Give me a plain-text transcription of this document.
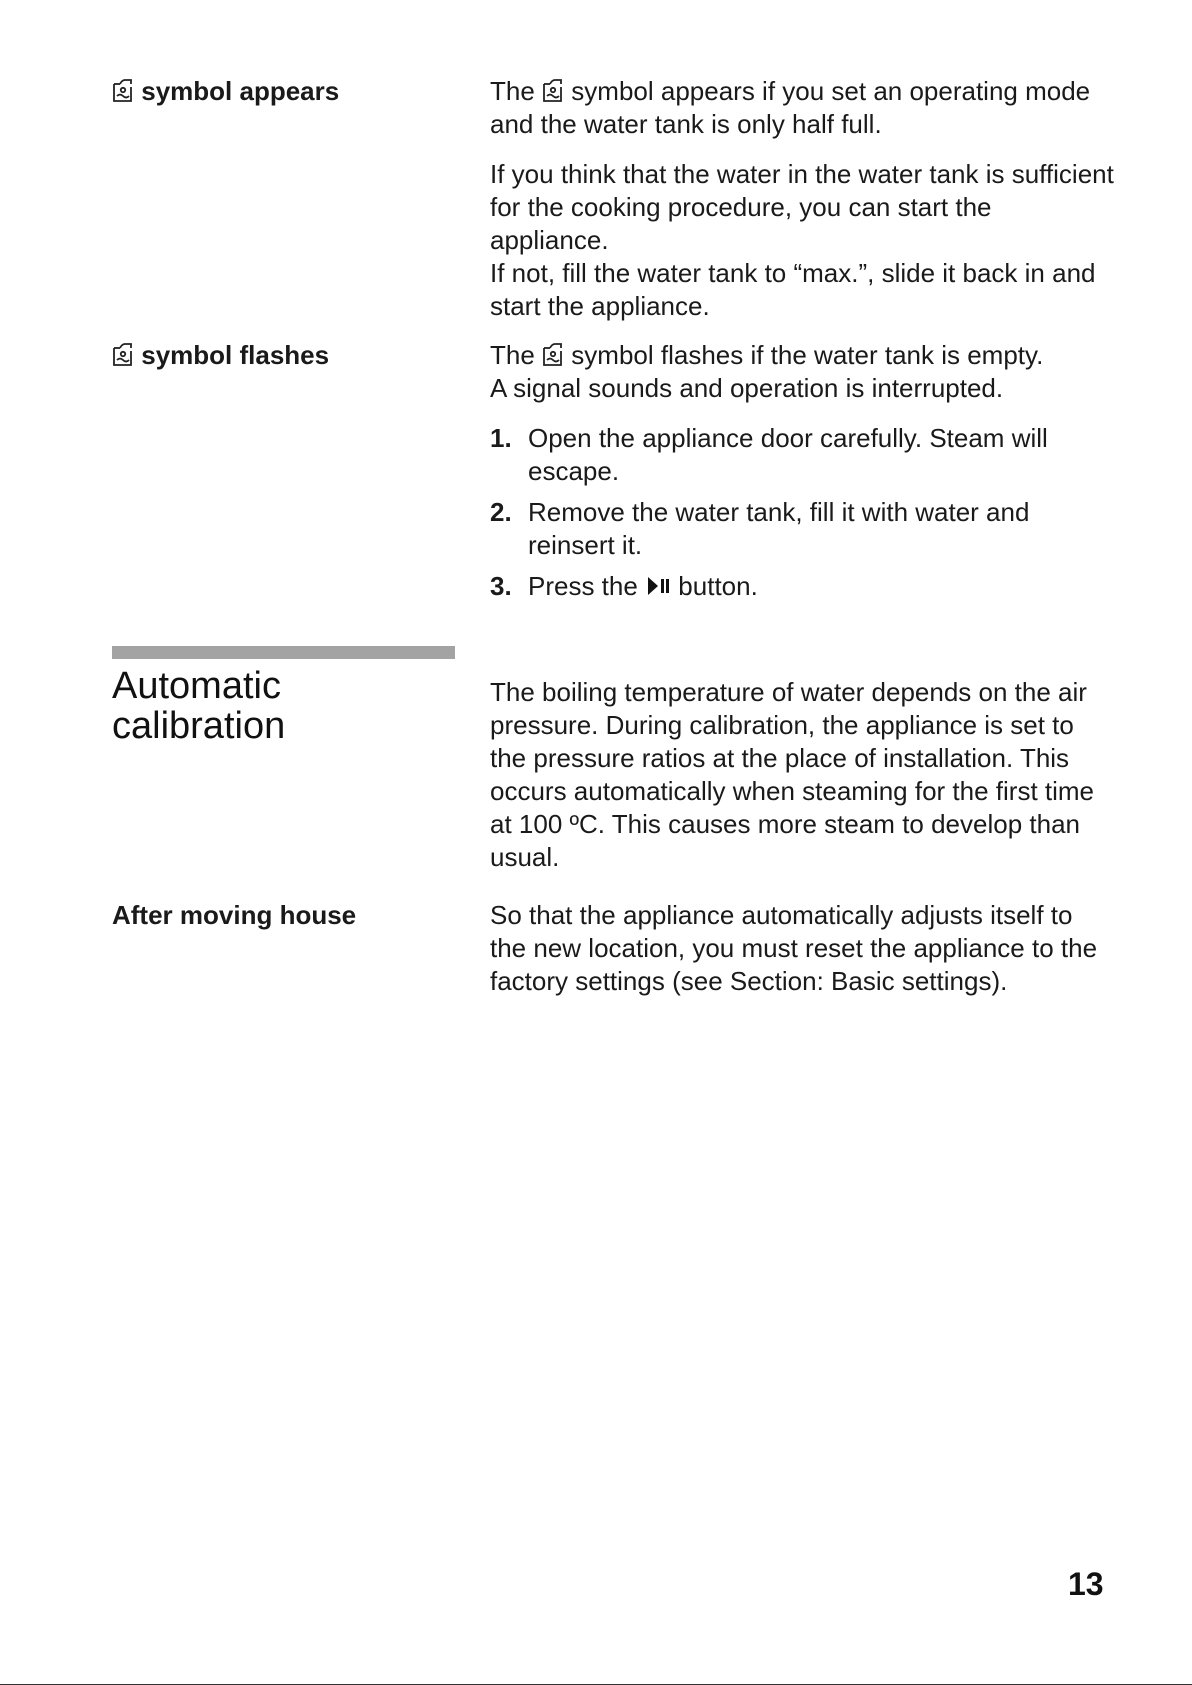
symbol appears	The symbol appears if you set an operating mode and the water tank is only half full.

If you think that the water in the water tank is sufficient for the cooking procedure, you can start the appliance.

If not, fill the water tank to “max.”, slide it back in and start the appliance.

symbol flashes	The symbol flashes if the water tank is empty.

A signal sounds and operation is interrupted.

1. Open the appliance door carefully. Steam will escape.
2. Remove the water tank, fill it with water and reinsert it.
3. Press the button.
Automatic calibration
The boiling temperature of water depends on the air pressure. During calibration, the appliance is set to the pressure ratios at the place of installation. This occurs automatically when steaming for the first time at 100 ºC. This causes more steam to develop than usual.
After moving house	So that the appliance automatically adjusts itself to the new location, you must reset the appliance to the factory settings (see Section: Basic settings).
13
